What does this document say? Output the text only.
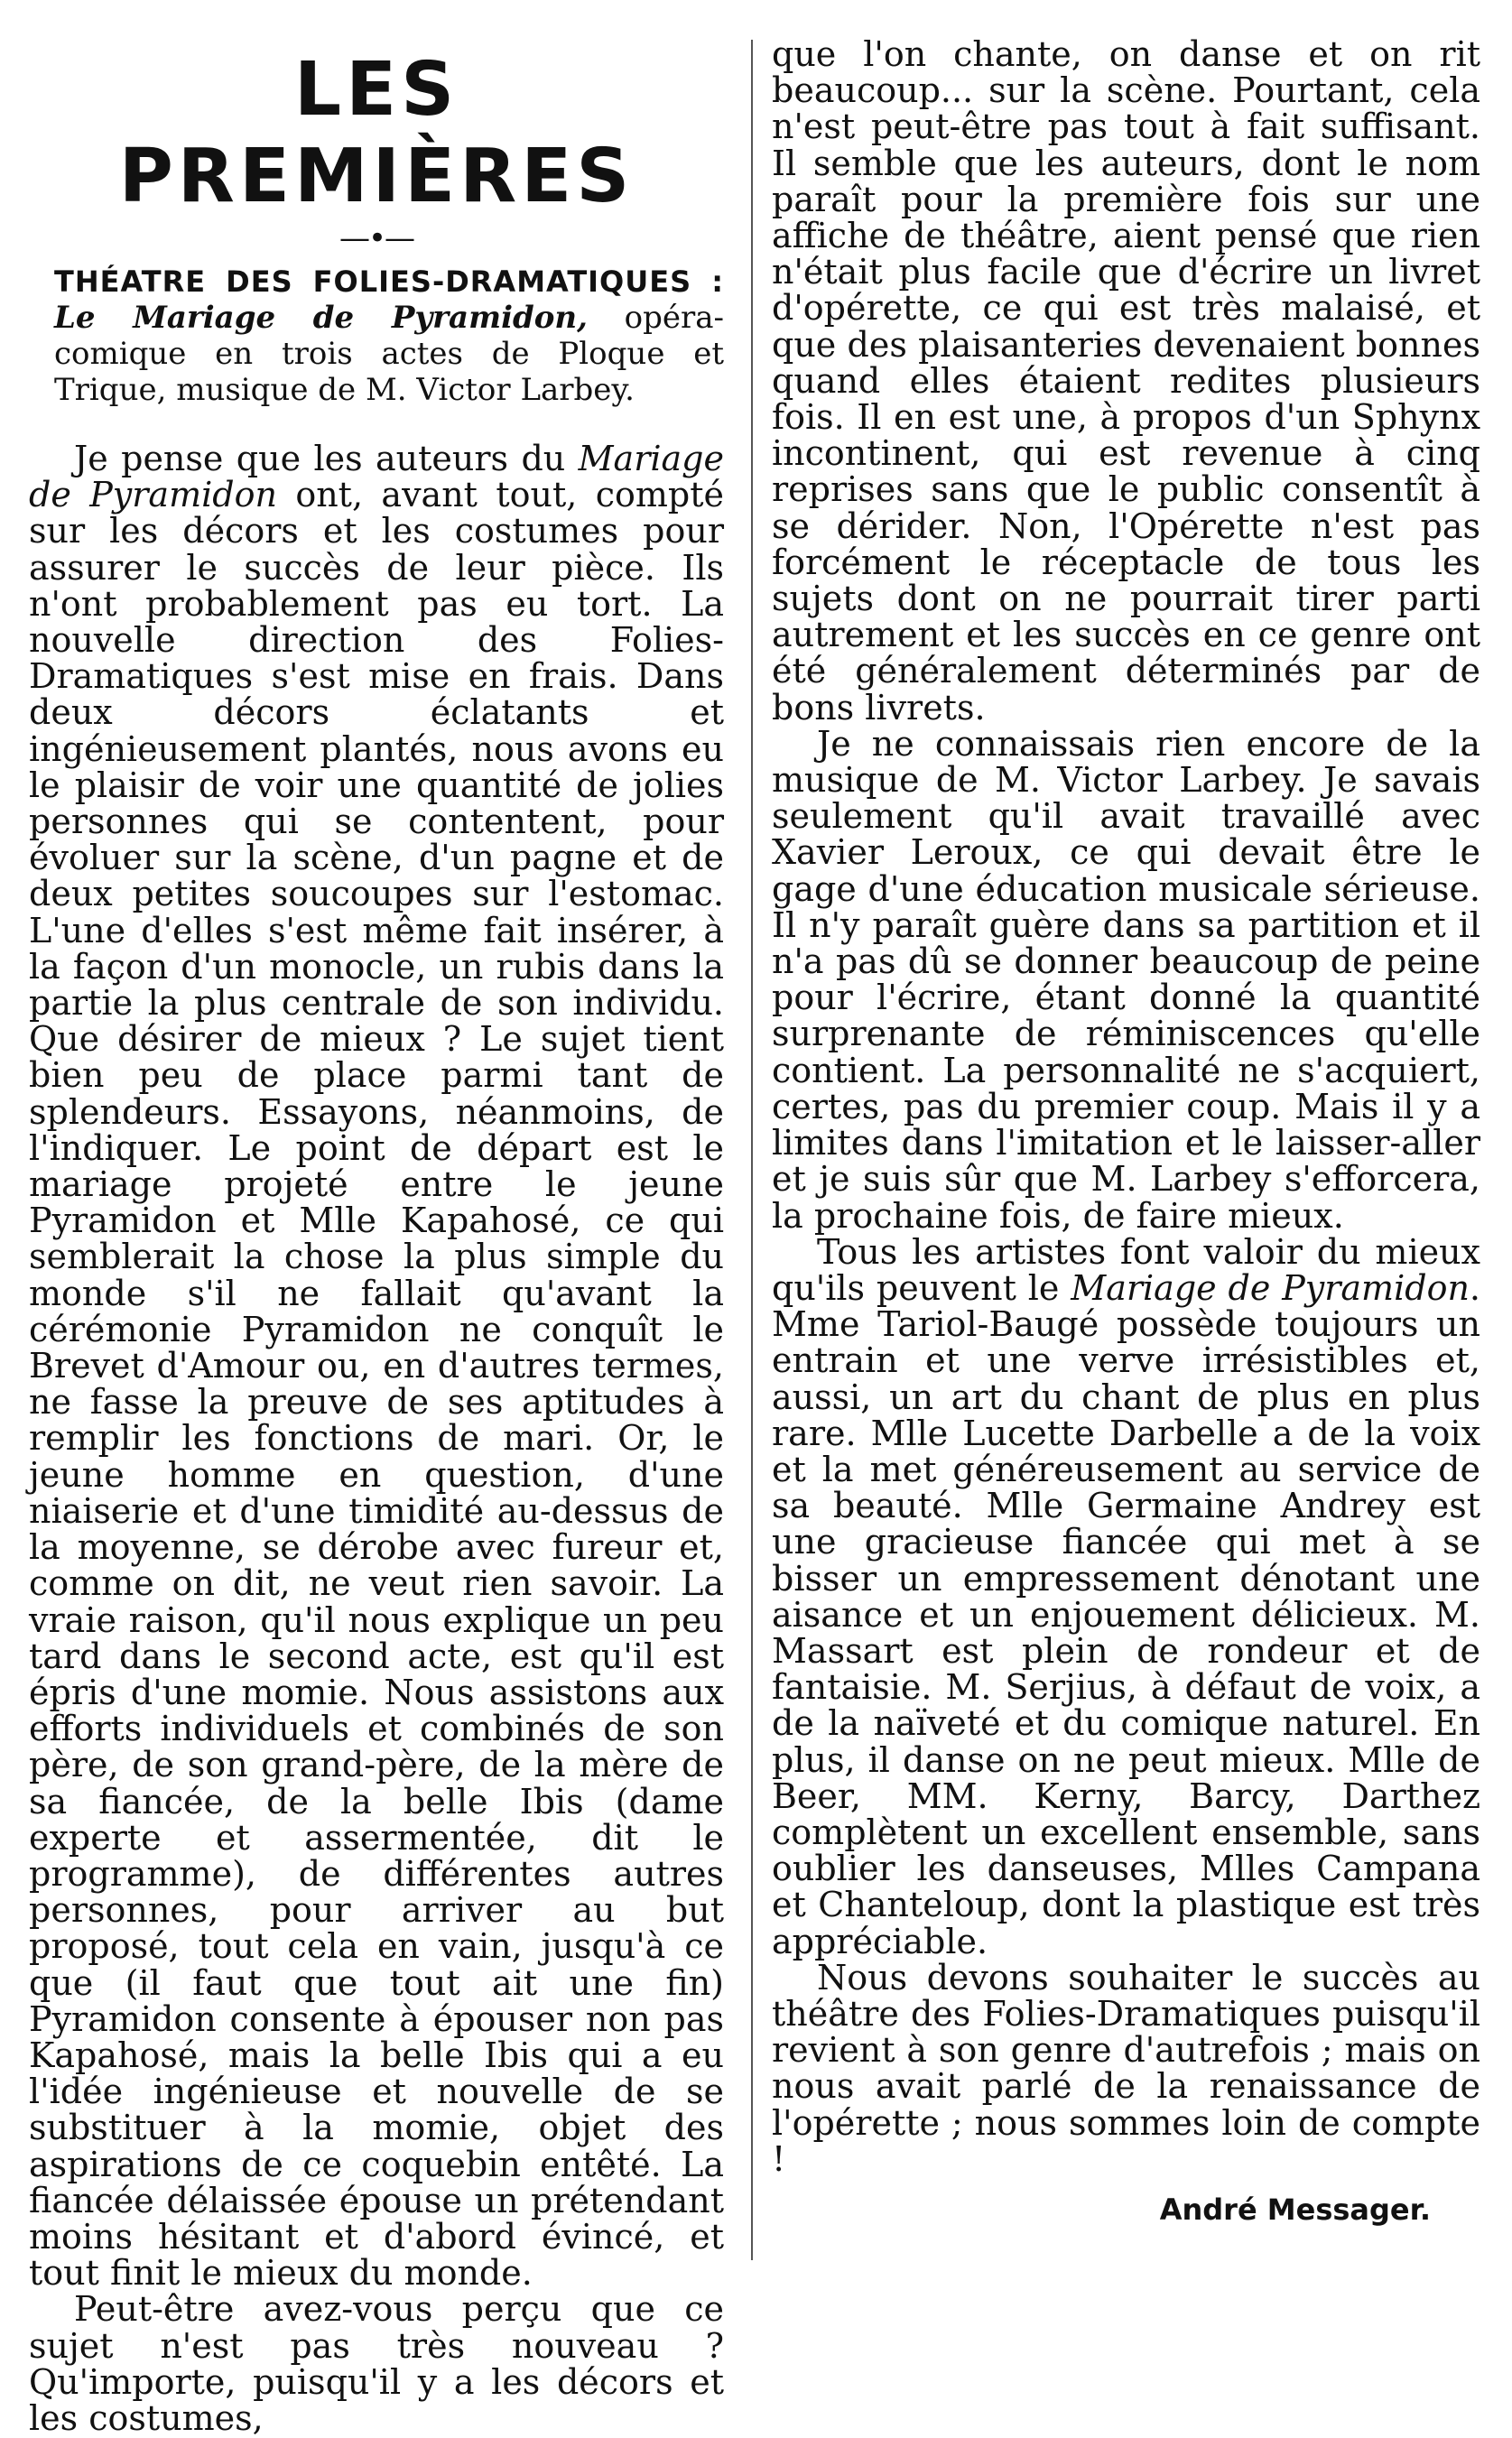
LES PREMIÈRES
—•—
THÉATRE DES FOLIES-DRAMATIQUES : Le Mariage de Pyramidon, opéra-comique en trois actes de Ploque et Trique, musique de M. Victor Larbey.

Je pense que les auteurs du Mariage de Pyramidon ont, avant tout, compté sur les décors et les costumes pour assurer le succès de leur pièce. Ils n'ont probablement pas eu tort. La nouvelle direction des Folies-Dramatiques s'est mise en frais. Dans deux décors éclatants et ingénieusement plantés, nous avons eu le plaisir de voir une quantité de jolies personnes qui se contentent, pour évoluer sur la scène, d'un pagne et de deux petites soucoupes sur l'estomac. L'une d'elles s'est même fait insérer, à la façon d'un monocle, un rubis dans la partie la plus centrale de son individu. Que désirer de mieux ? Le sujet tient bien peu de place parmi tant de splendeurs. Essayons, néanmoins, de l'indiquer. Le point de départ est le mariage projeté entre le jeune Pyramidon et Mlle Kapahosé, ce qui semblerait la chose la plus simple du monde s'il ne fallait qu'avant la cérémonie Pyramidon ne conquît le Brevet d'Amour ou, en d'autres termes, ne fasse la preuve de ses aptitudes à remplir les fonctions de mari. Or, le jeune homme en question, d'une niaiserie et d'une timidité au-dessus de la moyenne, se dérobe avec fureur et, comme on dit, ne veut rien savoir. La vraie raison, qu'il nous explique un peu tard dans le second acte, est qu'il est épris d'une momie. Nous assistons aux efforts individuels et combinés de son père, de son grand-père, de la mère de sa fiancée, de la belle Ibis (dame experte et assermentée, dit le programme), de différentes autres personnes, pour arriver au but proposé, tout cela en vain, jusqu'à ce que (il faut que tout ait une fin) Pyramidon consente à épouser non pas Kapahosé, mais la belle Ibis qui a eu l'idée ingénieuse et nouvelle de se substituer à la momie, objet des aspirations de ce coquebin entêté. La fiancée délaissée épouse un prétendant moins hésitant et d'abord évincé, et tout finit le mieux du monde.

Peut-être avez-vous perçu que ce sujet n'est pas très nouveau ? Qu'importe, puisqu'il y a les décors et les costumes,

que l'on chante, on danse et on rit beaucoup... sur la scène. Pourtant, cela n'est peut-être pas tout à fait suffisant. Il semble que les auteurs, dont le nom paraît pour la première fois sur une affiche de théâtre, aient pensé que rien n'était plus facile que d'écrire un livret d'opérette, ce qui est très malaisé, et que des plaisanteries devenaient bonnes quand elles étaient redites plusieurs fois. Il en est une, à propos d'un Sphynx incontinent, qui est revenue à cinq reprises sans que le public consentît à se dérider. Non, l'Opérette n'est pas forcément le réceptacle de tous les sujets dont on ne pourrait tirer parti autrement et les succès en ce genre ont été généralement déterminés par de bons livrets.

Je ne connaissais rien encore de la musique de M. Victor Larbey. Je savais seulement qu'il avait travaillé avec Xavier Leroux, ce qui devait être le gage d'une éducation musicale sérieuse. Il n'y paraît guère dans sa partition et il n'a pas dû se donner beaucoup de peine pour l'écrire, étant donné la quantité surprenante de réminiscences qu'elle contient. La personnalité ne s'acquiert, certes, pas du premier coup. Mais il y a limites dans l'imitation et le laisser-aller et je suis sûr que M. Larbey s'efforcera, la prochaine fois, de faire mieux.

Tous les artistes font valoir du mieux qu'ils peuvent le Mariage de Pyramidon. Mme Tariol-Baugé possède toujours un entrain et une verve irrésistibles et, aussi, un art du chant de plus en plus rare. Mlle Lucette Darbelle a de la voix et la met généreusement au service de sa beauté. Mlle Germaine Andrey est une gracieuse fiancée qui met à se bisser un empressement dénotant une aisance et un enjouement délicieux. M. Massart est plein de rondeur et de fantaisie. M. Serjius, à défaut de voix, a de la naïveté et du comique naturel. En plus, il danse on ne peut mieux. Mlle de Beer, MM. Kerny, Barcy, Darthez complètent un excellent ensemble, sans oublier les danseuses, Mlles Campana et Chanteloup, dont la plastique est très appréciable.

Nous devons souhaiter le succès au théâtre des Folies-Dramatiques puisqu'il revient à son genre d'autrefois ; mais on nous avait parlé de la renaissance de l'opérette ; nous sommes loin de compte !

André Messager.
